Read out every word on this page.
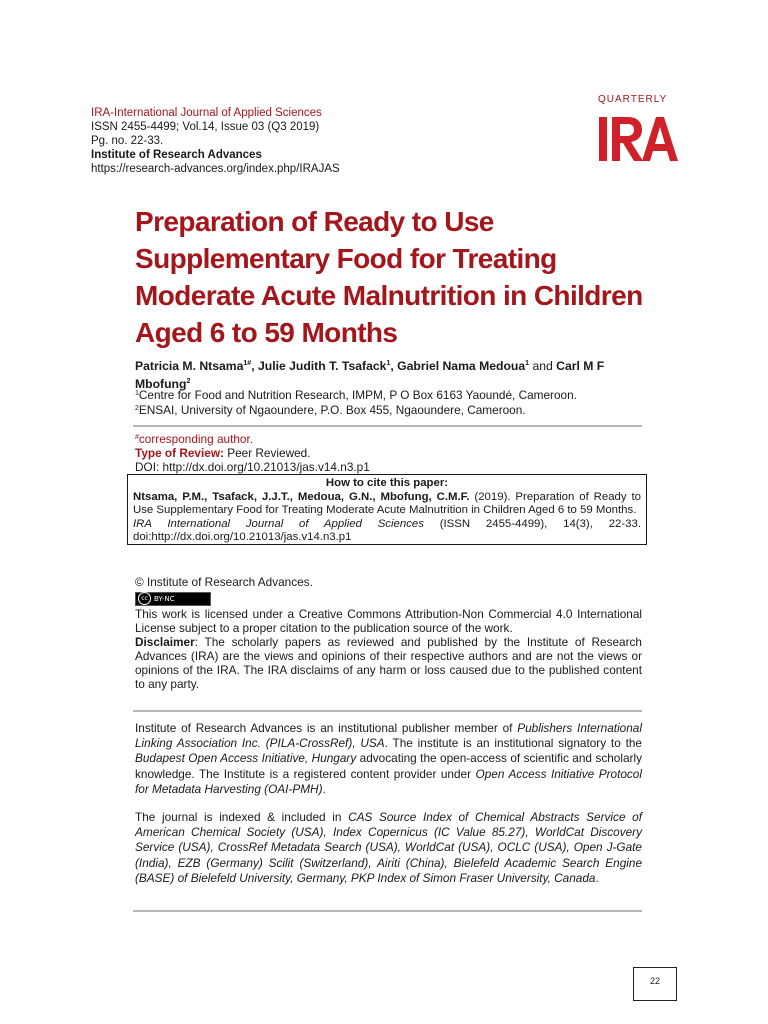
IRA-International Journal of Applied Sciences
ISSN 2455-4499; Vol.14, Issue 03 (Q3 2019)
Pg. no. 22-33.
Institute of Research Advances
https://research-advances.org/index.php/IRAJAS
QUARTERLY
Preparation of Ready to Use Supplementary Food for Treating Moderate Acute Malnutrition in Children Aged 6 to 59 Months
Patricia M. Ntsama$^{1\#}$, Julie Judith T. Tsafack$^1$, Gabriel Nama Medoua$^1$ and Carl M F Mbofung$^2$
$^1$Centre for Food and Nutrition Research, IMPM, P O Box 6163 Yaoundé, Cameroon.
$^2$ENSAI, University of Ngaoundere, P.O. Box 455, Ngaoundere, Cameroon.
#corresponding author.
Type of Review: Peer Reviewed.
DOI: http://dx.doi.org/10.21013/jas.v14.n3.p1
How to cite this paper:
Ntsama, P.M., Tsafack, J.J.T., Medoua, G.N., Mbofung, C.M.F. (2019). Preparation of Ready to Use Supplementary Food for Treating Moderate Acute Malnutrition in Children Aged 6 to 59 Months.
IRA International Journal of Applied Sciences (ISSN 2455-4499), 14(3), 22-33.
doi:http://dx.doi.org/10.21013/jas.v14.n3.p1
© Institute of Research Advances.
cc BY-NC
This work is licensed under a Creative Commons Attribution-Non Commercial 4.0 International License subject to a proper citation to the publication source of the work.
Disclaimer: The scholarly papers as reviewed and published by the Institute of Research Advances (IRA) are the views and opinions of their respective authors and are not the views or opinions of the IRA. The IRA disclaims of any harm or loss caused due to the published content to any party.
Institute of Research Advances is an institutional publisher member of Publishers International Linking Association Inc. (PILA-CrossRef), USA. The institute is an institutional signatory to the Budapest Open Access Initiative, Hungary advocating the open-access of scientific and scholarly knowledge. The Institute is a registered content provider under Open Access Initiative Protocol for Metadata Harvesting (OAI-PMH).
The journal is indexed & included in CAS Source Index of Chemical Abstracts Service of American Chemical Society (USA), Index Copernicus (IC Value 85.27), WorldCat Discovery Service (USA), CrossRef Metadata Search (USA), WorldCat (USA), OCLC (USA), Open J-Gate (India), EZB (Germany) Scilit (Switzerland), Airiti (China), Bielefeld Academic Search Engine (BASE) of Bielefeld University, Germany, PKP Index of Simon Fraser University, Canada.
22
